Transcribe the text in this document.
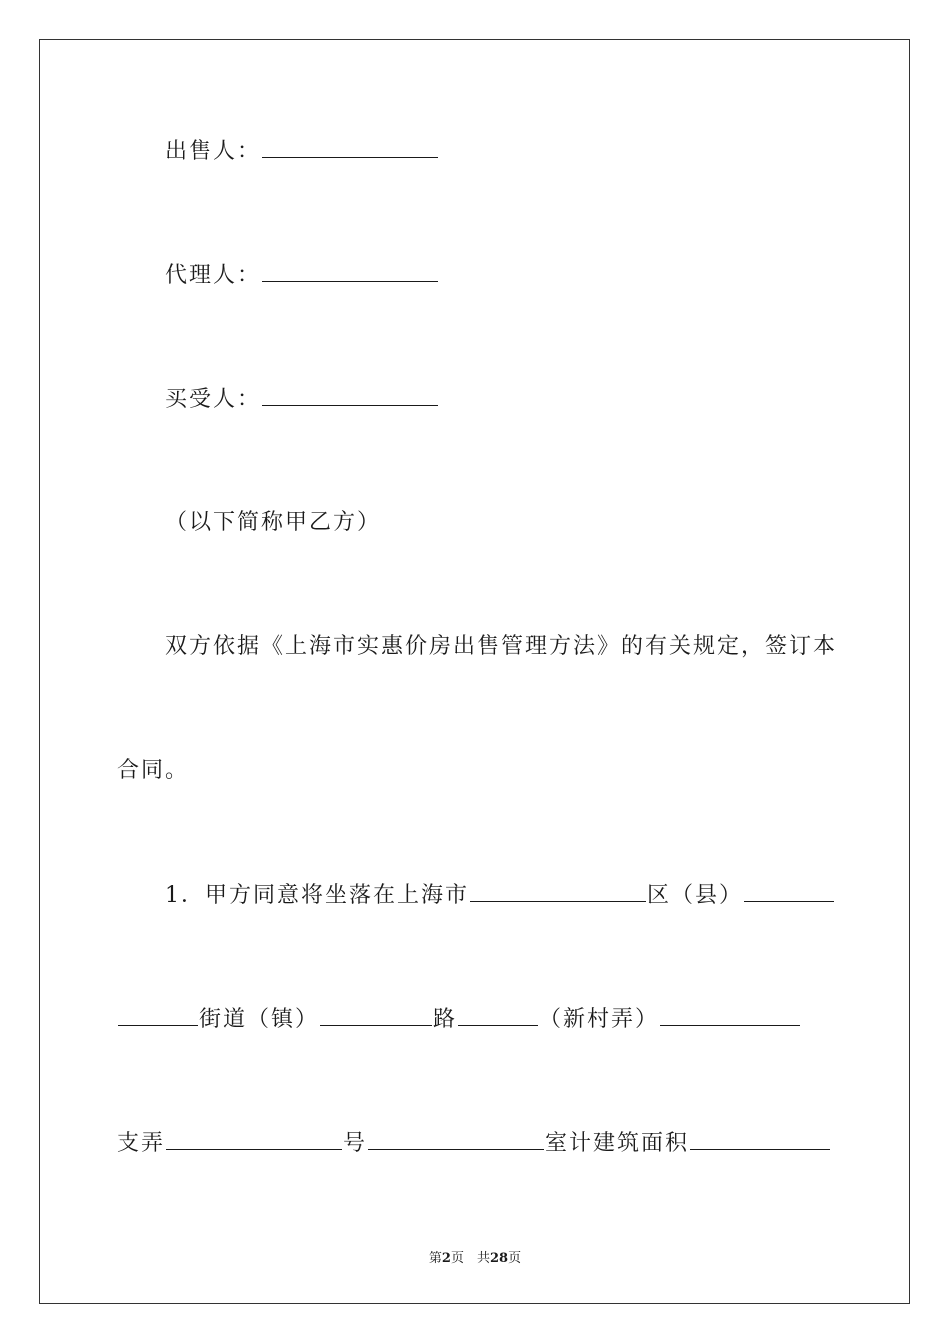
出售人：
代理人：
买受人：
（以下简称甲乙方）
双方依据《上海市实惠价房出售管理方法》的有关规定，签订本
合同。
1．甲方同意将坐落在上海市	区（县）
街道（镇）	路	（新村弄）
支弄	号	室计建筑面积
第2页　共28页
